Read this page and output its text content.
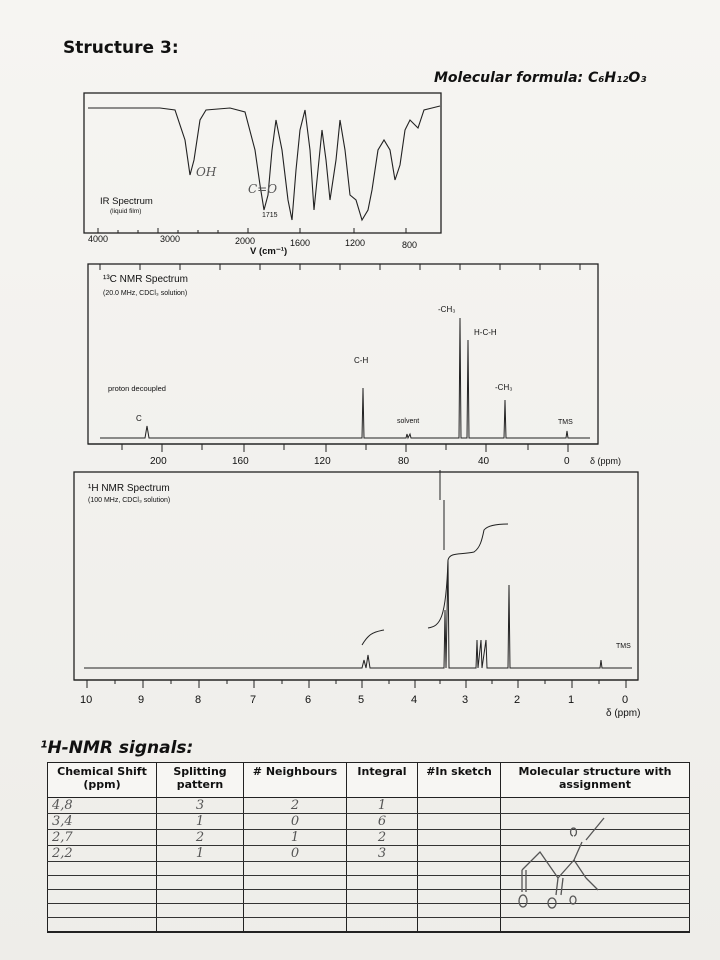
Structure 3:
Molecular formula: C₆H₁₂O₃
IR Spectrum
(liquid film)
1715
OH
C=O
4000	3000	2000	1600	1200	800
V (cm⁻¹)
¹³C NMR Spectrum
(20.0 MHz, CDCl₃ solution)
proton decoupled
C
C-H
solvent
-CH₃
H-C-H
-CH₃
TMS
200	160	120	80	40	0 δ (ppm)
¹H NMR Spectrum
(100 MHz, CDCl₃ solution)
TMS
10	9	8	7	6	5	4	3	2	1	0
δ (ppm)
¹H-NMR signals:
Chemical Shift (ppm)	Splitting pattern	# Neighbours	Integral	#In sketch	Molecular structure with assignment
4,8	3	2	1		
3,4	1	0	6		
2,7	2	1	2		
2,2	1	0	3		
